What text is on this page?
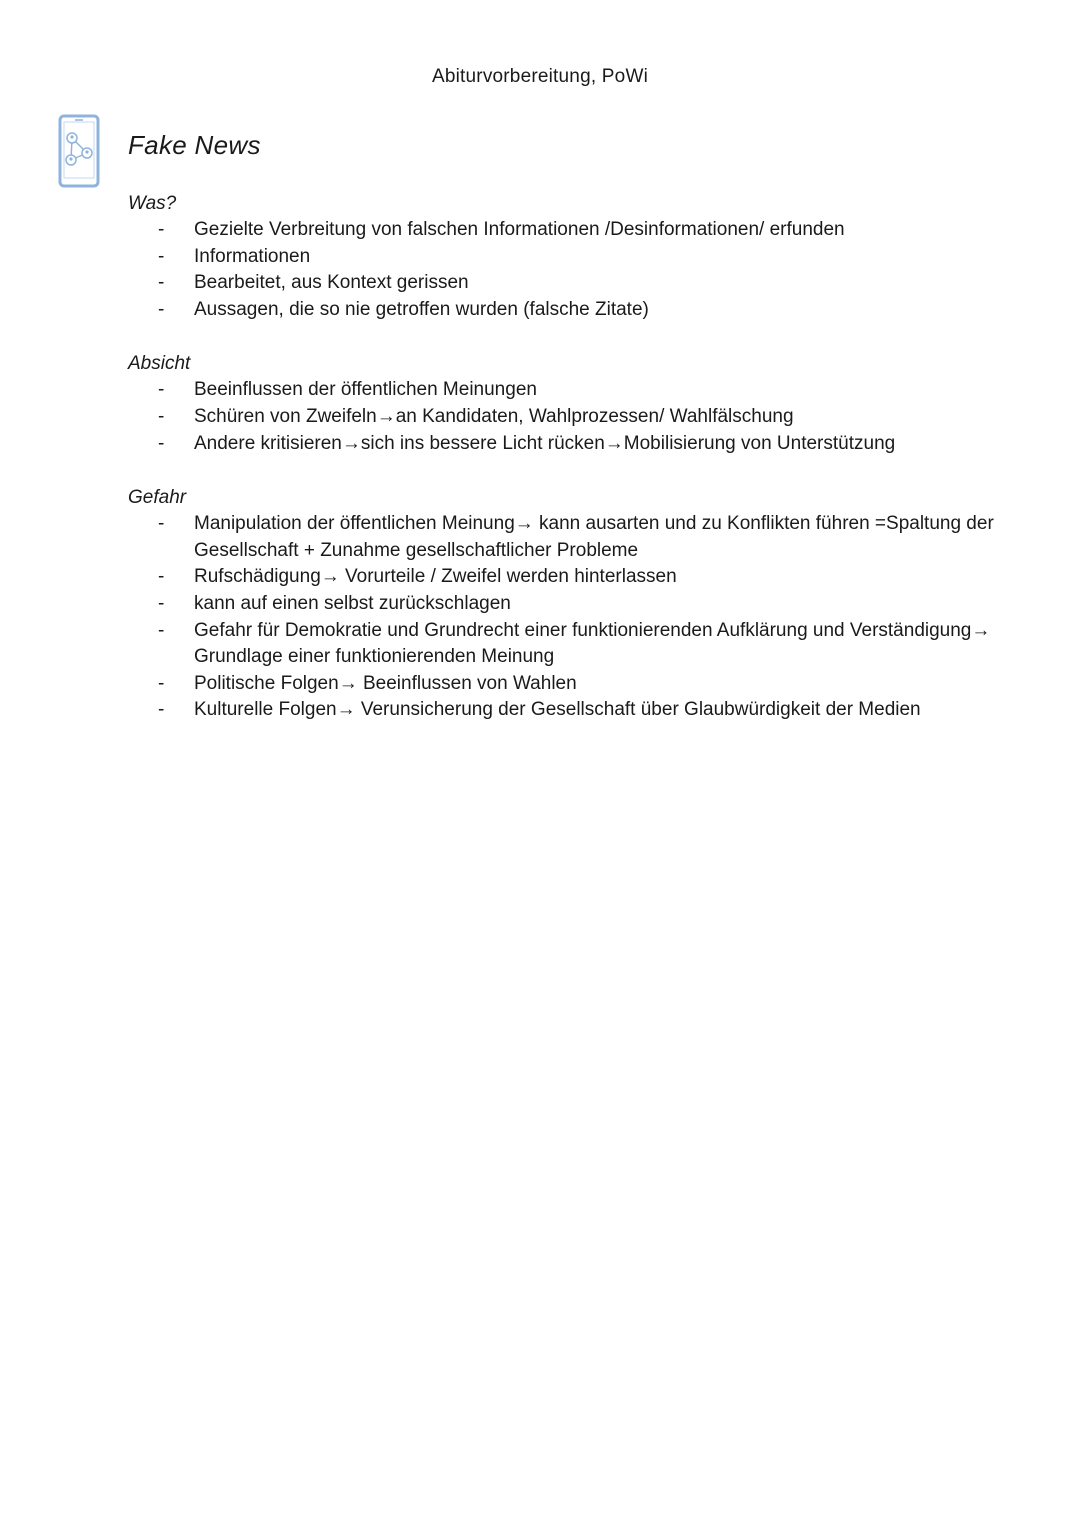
Abiturvorbereitung, PoWi
Fake News
Was?
- Gezielte Verbreitung von falschen Informationen /Desinformationen/ erfunden
- Informationen
- Bearbeitet, aus Kontext gerissen
- Aussagen, die so nie getroffen wurden (falsche Zitate)
Absicht
- Beeinflussen der öffentlichen Meinungen
- Schüren von Zweifeln→an Kandidaten, Wahlprozessen/ Wahlfälschung
- Andere kritisieren→sich ins bessere Licht rücken→Mobilisierung von Unterstützung
Gefahr
- Manipulation der öffentlichen Meinung→ kann ausarten und zu Konflikten führen =Spaltung der Gesellschaft + Zunahme gesellschaftlicher Probleme
- Rufschädigung→ Vorurteile / Zweifel werden hinterlassen
- kann auf einen selbst zurückschlagen
- Gefahr für Demokratie und Grundrecht einer funktionierenden Aufklärung und Verständigung→ Grundlage einer funktionierenden Meinung
- Politische Folgen→ Beeinflussen von Wahlen
- Kulturelle Folgen→ Verunsicherung der Gesellschaft über Glaubwürdigkeit der Medien
